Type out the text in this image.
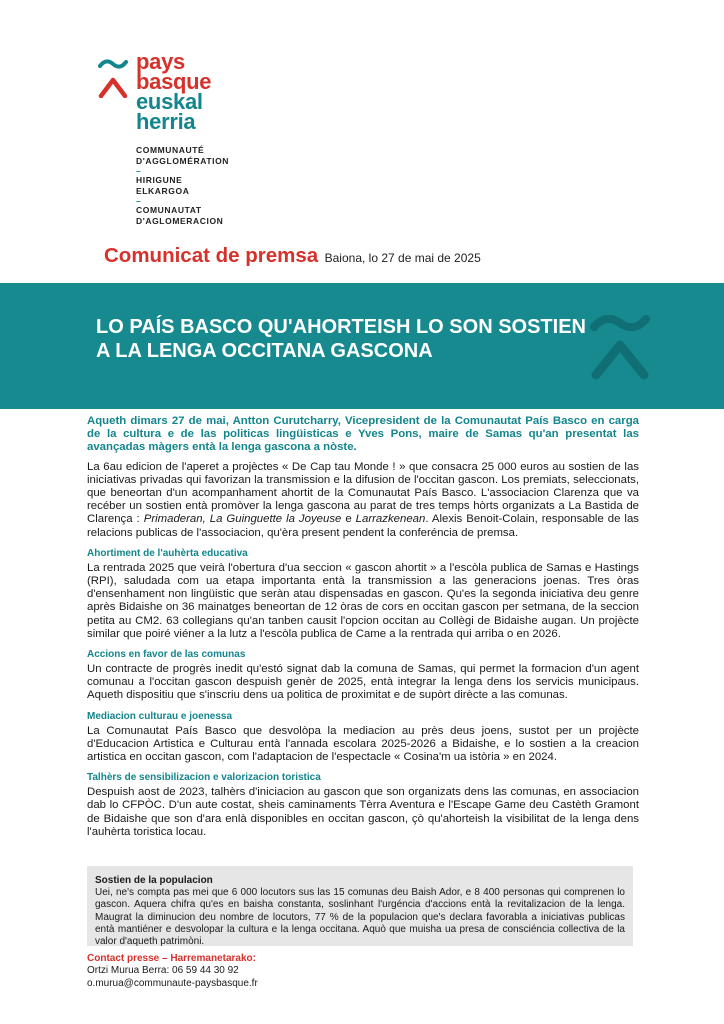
pays
basque
euskal
herria
COMMUNAUTÉ
D'AGGLOMÉRATION
–
HIRIGUNE
ELKARGOA
–
COMUNAUTAT
D'AGLOMERACION
Comunicat de premsa Baiona, lo 27 de mai de 2025
LO PAÍS BASCO QU'AHORTEISH LO SON SOSTIEN A LA LENGA OCCITANA GASCONA

Aqueth dimars 27 de mai, Antton Curutcharry, Vicepresident de la Comunautat País Basco en carga de la cultura e de las politicas lingüisticas e Yves Pons, maire de Samas qu'an presentat las avançadas màgers entà la lenga gascona a nòste.

La 6au edicion de l'aperet a projèctes « De Cap tau Monde ! » que consacra 25 000 euros au sostien de las iniciativas privadas qui favorizan la transmission e la difusion de l'occitan gascon. Los premiats, seleccionats, que beneortan d'un acompanhament ahortit de la Comunautat País Basco. L'associacion Clarenza que va recéber un sostien entà promòver la lenga gascona au parat de tres temps hòrts organizats a La Bastida de Clarença : Primaderan, La Guinguette la Joyeuse e Larrazkenean. Alexis Benoit-Colain, responsable de las relacions publicas de l'associacion, qu'èra present pendent la conferéncia de premsa.

Ahortiment de l'auhèrta educativa

La rentrada 2025 que veirà l'obertura d'ua seccion « gascon ahortit » a l'escòla publica de Samas e Hastings (RPI), saludada com ua etapa importanta entà la transmission a las generacions joenas. Tres òras d'ensenhament non lingüistic que seràn atau dispensadas en gascon. Qu'es la segonda iniciativa deu genre après Bidaishe on 36 mainatges beneortan de 12 òras de cors en occitan gascon per setmana, de la seccion petita au CM2. 63 collegians qu'an tanben causit l'opcion occitan au Collègi de Bidaishe augan. Un projècte similar que poiré viéner a la lutz a l'escòla publica de Came a la rentrada qui arriba o en 2026.

Accions en favor de las comunas

Un contracte de progrès inedit qu'estó signat dab la comuna de Samas, qui permet la formacion d'un agent comunau a l'occitan gascon despuish genèr de 2025, entà integrar la lenga dens los servicis municipaus. Aqueth dispositiu que s'inscriu dens ua politica de proximitat e de supòrt dirècte a las comunas.

Mediacion culturau e joenessa

La Comunautat País Basco que desvolòpa la mediacion au près deus joens, sustot per un projècte d'Educacion Artistica e Culturau entà l'annada escolara 2025-2026 a Bidaishe, e lo sostien a la creacion artistica en occitan gascon, com l'adaptacion de l'espectacle « Cosina'm ua istòria » en 2024.

Talhèrs de sensibilizacion e valorizacion toristica

Despuish aost de 2023, talhèrs d'iniciacion au gascon que son organizats dens las comunas, en associacion dab lo CFPÒC. D'un aute costat, sheis caminaments Tèrra Aventura e l'Escape Game deu Castèth Gramont de Bidaishe que son d'ara enlà disponibles en occitan gascon, çò qu'ahorteish la visibilitat de la lenga dens l'auhèrta toristica locau.

Sostien de la populacion

Uei, ne's compta pas mei que 6 000 locutors sus las 15 comunas deu Baish Ador, e 8 400 personas qui comprenen lo gascon. Aquera chifra qu'es en baisha constanta, soslinhant l'urgéncia d'accions entà la revitalizacion de la lenga. Maugrat la diminucion deu nombre de locutors, 77 % de la populacion que's declara favorabla a iniciativas publicas entà mantiéner e desvolopar la cultura e la lenga occitana. Aquò que muisha ua presa de consciéncia collectiva de la valor d'aqueth patrimòni.

Contact presse – Harremanetarako:
Ortzi Murua Berra: 06 59 44 30 92
o.murua@communaute-paysbasque.fr
